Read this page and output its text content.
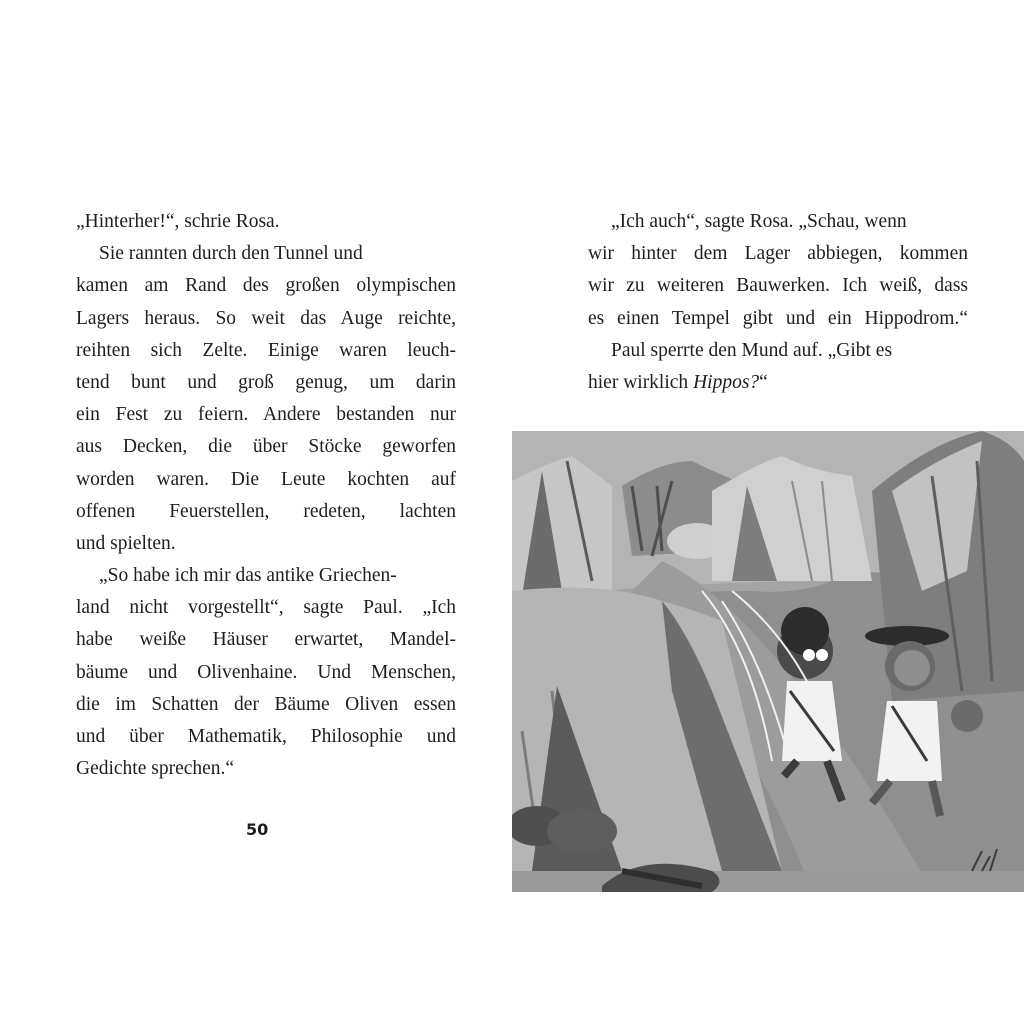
„Hinterher!“, schrie Rosa.
Sie rannten durch den Tunnel und
kamen am Rand des großen olympischen
Lagers heraus. So weit das Auge reichte,
reihten sich Zelte. Einige waren leuch-
tend bunt und groß genug, um darin
ein Fest zu feiern. Andere bestanden nur
aus Decken, die über Stöcke geworfen
worden waren. Die Leute kochten auf
offenen Feuerstellen, redeten, lachten
und spielten.
„So habe ich mir das antike Griechen-
land nicht vorgestellt“, sagte Paul. „Ich
habe weiße Häuser erwartet, Mandel-
bäume und Olivenhaine. Und Menschen,
die im Schatten der Bäume Oliven essen
und über Mathematik, Philosophie und
Gedichte sprechen.“
50
„Ich auch“, sagte Rosa. „Schau, wenn
wir hinter dem Lager abbiegen, kommen
wir zu weiteren Bauwerken. Ich weiß, dass
es einen Tempel gibt und ein Hippodrom.“
Paul sperrte den Mund auf. „Gibt es
hier wirklich Hippos?“
